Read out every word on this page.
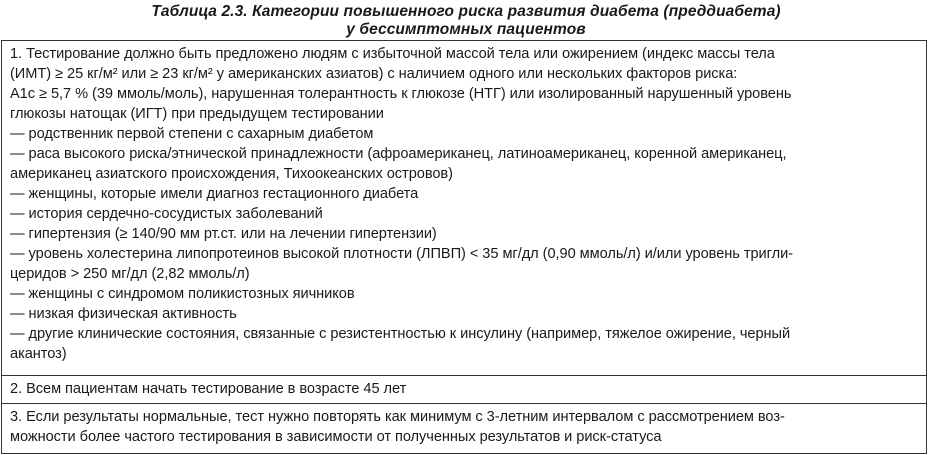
Таблица 2.3. Категории повышенного риска развития диабета (преддиабета)
у бессимптомных пациентов
1. Тестирование должно быть предложено людям с избыточной массой тела или ожирением (индекс массы тела
(ИМТ) ≥ 25 кг/м² или ≥ 23 кг/м² у американских азиатов) с наличием одного или нескольких факторов риска:
A1c ≥ 5,7 % (39 ммоль/моль), нарушенная толерантность к глюкозе (НТГ) или изолированный нарушенный уровень
глюкозы натощак (ИГТ) при предыдущем тестировании
— родственник первой степени с сахарным диабетом
— раса высокого риска/этнической принадлежности (афроамериканец, латиноамериканец, коренной американец,
американец азиатского происхождения, Тихоокеанских островов)
— женщины, которые имели диагноз гестационного диабета
— история сердечно-сосудистых заболеваний
— гипертензия (≥ 140/90 мм рт.ст. или на лечении гипертензии)
— уровень холестерина липопротеинов высокой плотности (ЛПВП) < 35 мг/дл (0,90 ммоль/л) и/или уровень тригли-
церидов > 250 мг/дл (2,82 ммоль/л)
— женщины с синдромом поликистозных яичников
— низкая физическая активность
— другие клинические состояния, связанные с резистентностью к инсулину (например, тяжелое ожирение, черный
акантоз)
2. Всем пациентам начать тестирование в возрасте 45 лет
3. Если результаты нормальные, тест нужно повторять как минимум с 3-летним интервалом с рассмотрением воз-
можности более частого тестирования в зависимости от полученных результатов и риск-статуса
